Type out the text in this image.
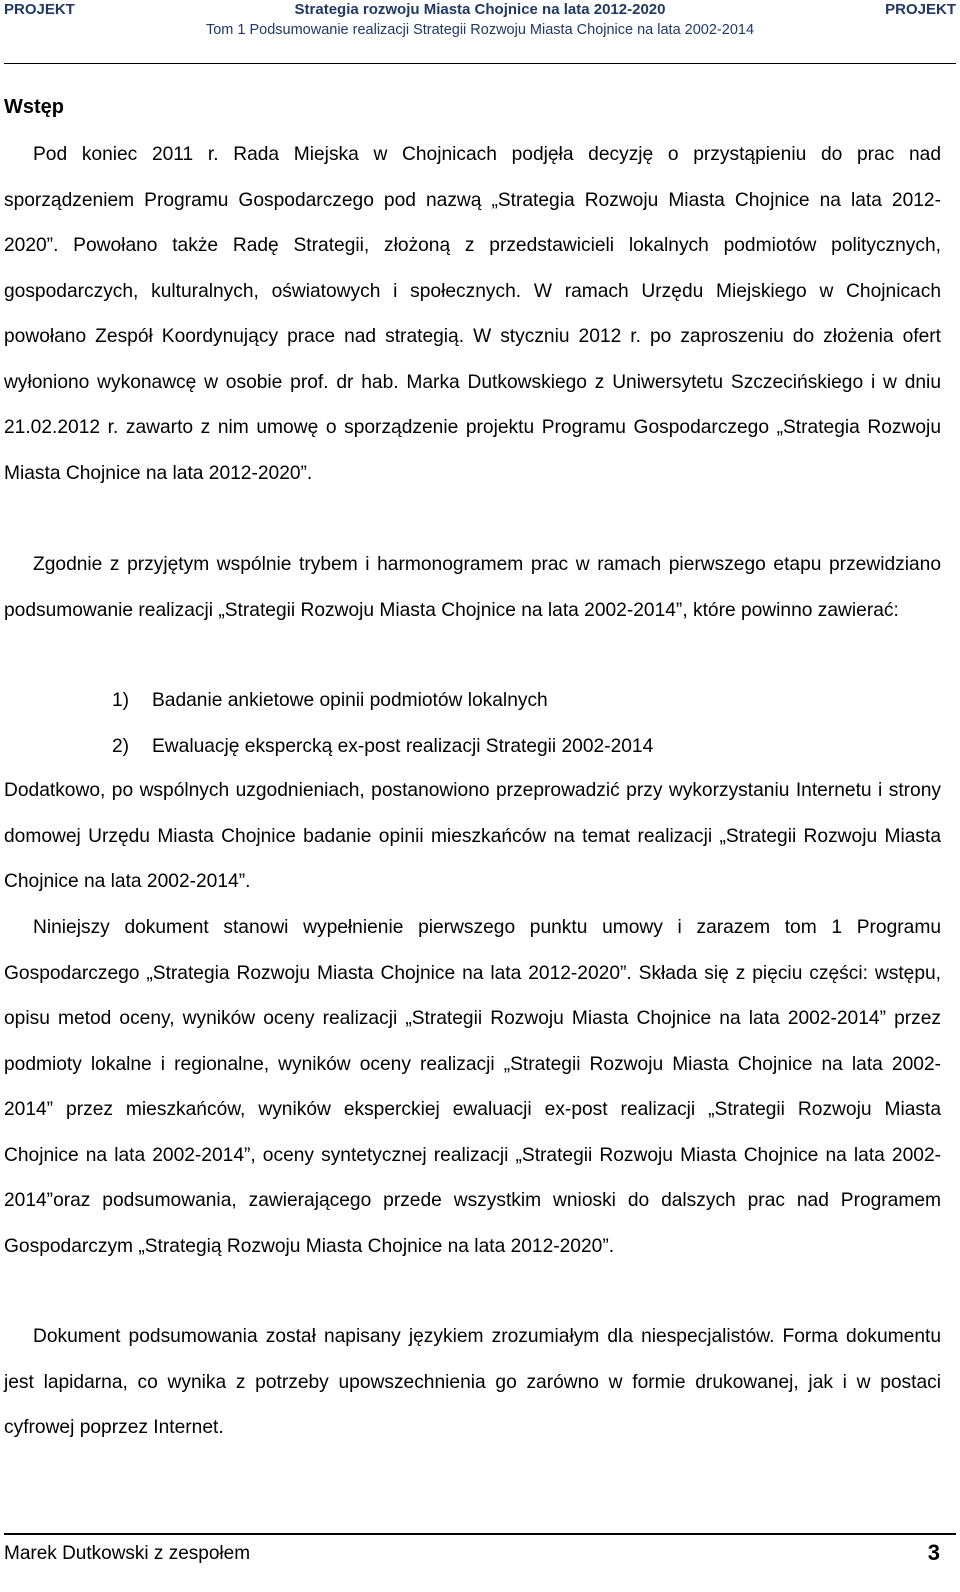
PROJEKT	Strategia rozwoju Miasta Chojnice na lata 2012-2020	PROJEKT
Tom 1 Podsumowanie realizacji Strategii Rozwoju Miasta Chojnice na lata 2002-2014
Wstęp

Pod koniec 2011 r. Rada Miejska w Chojnicach podjęła decyzję o przystąpieniu do prac nad sporządzeniem Programu Gospodarczego pod nazwą „Strategia Rozwoju Miasta Chojnice na lata 2012-2020”. Powołano także Radę Strategii, złożoną z przedstawicieli lokalnych podmiotów politycznych, gospodarczych, kulturalnych, oświatowych i społecznych. W ramach Urzędu Miejskiego w Chojnicach powołano Zespół Koordynujący prace nad strategią. W styczniu 2012 r. po zaproszeniu do złożenia ofert wyłoniono wykonawcę w osobie prof. dr hab. Marka Dutkowskiego z Uniwersytetu Szczecińskiego i w dniu 21.02.2012 r. zawarto z nim umowę o sporządzenie projektu Programu Gospodarczego „Strategia Rozwoju Miasta Chojnice na lata 2012-2020”.

Zgodnie z przyjętym wspólnie trybem i harmonogramem prac w ramach pierwszego etapu przewidziano podsumowanie realizacji „Strategii Rozwoju Miasta Chojnice na lata 2002-2014”, które powinno zawierać:

1)	Badanie ankietowe opinii podmiotów lokalnych
2)	Ewaluację ekspercką ex-post realizacji Strategii 2002-2014

Dodatkowo, po wspólnych uzgodnieniach, postanowiono przeprowadzić przy wykorzystaniu Internetu i strony domowej Urzędu Miasta Chojnice badanie opinii mieszkańców na temat realizacji „Strategii Rozwoju Miasta Chojnice na lata 2002-2014”.

Niniejszy dokument stanowi wypełnienie pierwszego punktu umowy i zarazem tom 1 Programu Gospodarczego „Strategia Rozwoju Miasta Chojnice na lata 2012-2020”. Składa się z pięciu części: wstępu, opisu metod oceny, wyników oceny realizacji „Strategii Rozwoju Miasta Chojnice na lata 2002-2014” przez podmioty lokalne i regionalne, wyników oceny realizacji „Strategii Rozwoju Miasta Chojnice na lata 2002-2014” przez mieszkańców, wyników eksperckiej ewaluacji ex-post realizacji „Strategii Rozwoju Miasta Chojnice na lata 2002-2014”, oceny syntetycznej realizacji „Strategii Rozwoju Miasta Chojnice na lata 2002-2014”oraz podsumowania, zawierającego przede wszystkim wnioski do dalszych prac nad Programem Gospodarczym „Strategią Rozwoju Miasta Chojnice na lata 2012-2020”.

Dokument podsumowania został napisany językiem zrozumiałym dla niespecjalistów. Forma dokumentu jest lapidarna, co wynika z potrzeby upowszechnienia go zarówno w formie drukowanej, jak i w postaci cyfrowej poprzez Internet.

Marek Dutkowski z zespołem	3
